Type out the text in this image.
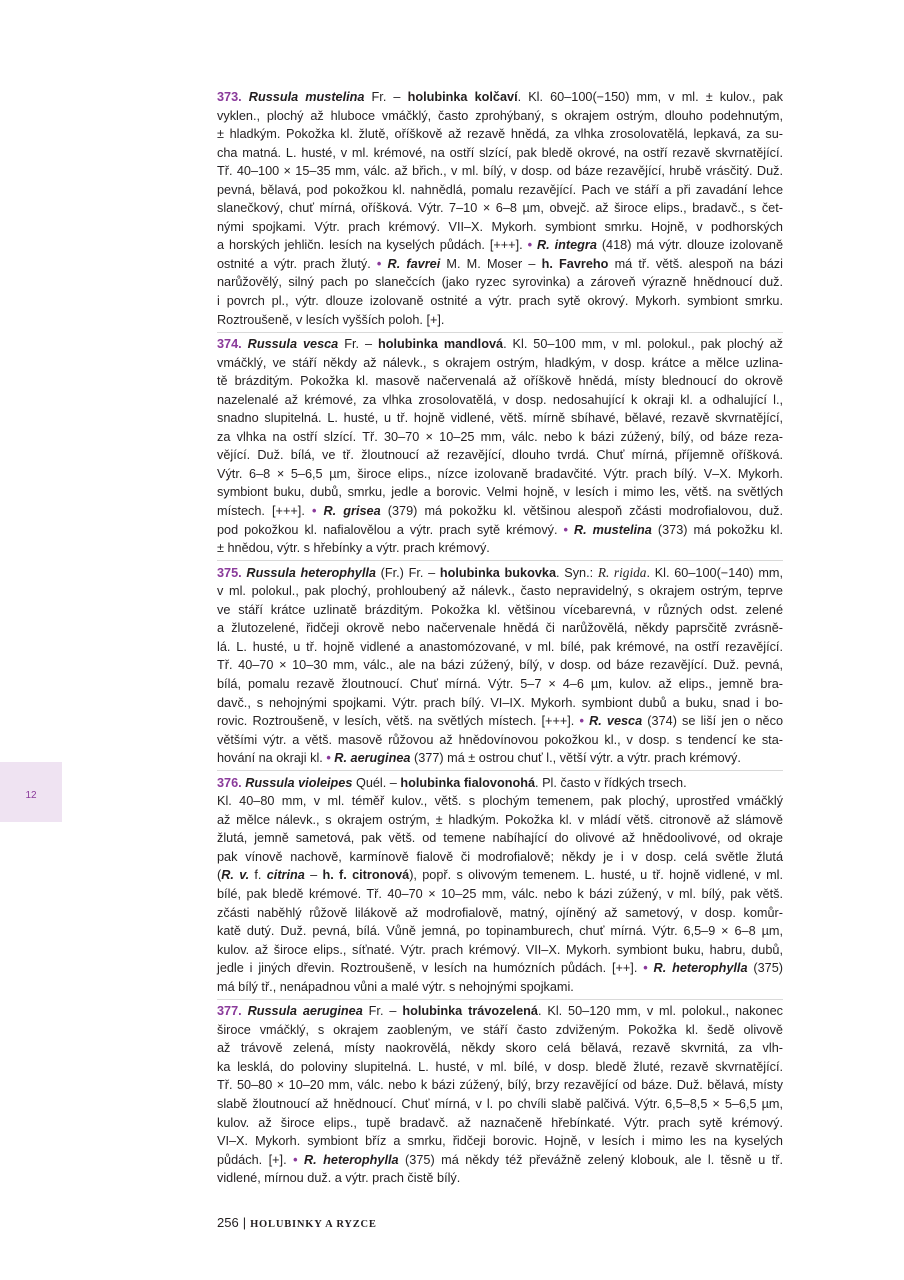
12
373. Russula mustelina Fr. – holubinka kolčaví. Kl. 60–100(−150) mm, v ml. ± kulov., pak
vyklen., plochý až hluboce vmáčklý, často zprohýbaný, s okrajem ostrým, dlouho podehnutým,
± hladkým. Pokožka kl. žlutě, oříškově až rezavě hnědá, za vlhka zrosolovatělá, lepkavá, za su-
cha matná. L. husté, v ml. krémové, na ostří slzící, pak bledě okrové, na ostří rezavě skvrnatějící.
Tř. 40–100 × 15–35 mm, válc. až břich., v ml. bílý, v dosp. od báze rezavějící, hrubě vrásčitý. Duž.
pevná, bělavá, pod pokožkou kl. nahnědlá, pomalu rezavějící. Pach ve stáří a při zavadání lehce
slanečkový, chuť mírná, oříšková. Výtr. 7–10 × 6–8 µm, obvejč. až široce elips., bradavč., s čet-
nými spojkami. Výtr. prach krémový. VII–X. Mykorh. symbiont smrku. Hojně, v podhorských
a horských jehličn. lesích na kyselých půdách. [+++]. • R. integra (418) má výtr. dlouze izolovaně
ostnité a výtr. prach žlutý. • R. favrei M. M. Moser – h. Favreho má tř. větš. alespoň na bázi
narůžovělý, silný pach po slanečcích (jako ryzec syrovinka) a zároveň výrazně hnědnoucí duž.
i povrch pl., výtr. dlouze izolovaně ostnité a výtr. prach sytě okrový. Mykorh. symbiont smrku.
Roztroušeně, v lesích vyšších poloh. [+].
374. Russula vesca Fr. – holubinka mandlová. Kl. 50–100 mm, v ml. polokul., pak plochý až
vmáčklý, ve stáří někdy až nálevk., s okrajem ostrým, hladkým, v dosp. krátce a mělce uzlina-
tě brázditým. Pokožka kl. masově načervenalá až oříškově hnědá, místy blednoucí do okrově
nazelenalé až krémové, za vlhka zrosolovatělá, v dosp. nedosahující k okraji kl. a odhalující l.,
snadno slupitelná. L. husté, u tř. hojně vidlené, větš. mírně sbíhavé, bělavé, rezavě skvrnatějící,
za vlhka na ostří slzící. Tř. 30–70 × 10–25 mm, válc. nebo k bázi zúžený, bílý, od báze reza-
vějící. Duž. bílá, ve tř. žloutnoucí až rezavějící, dlouho tvrdá. Chuť mírná, příjemně oříšková.
Výtr. 6–8 × 5–6,5 µm, široce elips., nízce izolovaně bradavčité. Výtr. prach bílý. V–X. Mykorh.
symbiont buku, dubů, smrku, jedle a borovic. Velmi hojně, v lesích i mimo les, větš. na světlých
místech. [+++]. • R. grisea (379) má pokožku kl. většinou alespoň zčásti modrofialovou, duž.
pod pokožkou kl. nafialovělou a výtr. prach sytě krémový. • R. mustelina (373) má pokožku kl.
± hnědou, výtr. s hřebínky a výtr. prach krémový.
375. Russula heterophylla (Fr.) Fr. – holubinka bukovka. Syn.: R. rigida. Kl. 60–100(−140) mm,
v ml. polokul., pak plochý, prohloubený až nálevk., často nepravidelný, s okrajem ostrým, teprve
ve stáří krátce uzlinatě brázditým. Pokožka kl. většinou vícebarevná, v různých odst. zelené
a žlutozelené, řidčeji okrově nebo načervenale hnědá či narůžovělá, někdy paprsčitě zvrásně-
lá. L. husté, u tř. hojně vidlené a anastomózované, v ml. bílé, pak krémové, na ostří rezavějící.
Tř. 40–70 × 10–30 mm, válc., ale na bázi zúžený, bílý, v dosp. od báze rezavějící. Duž. pevná,
bílá, pomalu rezavě žloutnoucí. Chuť mírná. Výtr. 5–7 × 4–6 µm, kulov. až elips., jemně bra-
davč., s nehojnými spojkami. Výtr. prach bílý. VI–IX. Mykorh. symbiont dubů a buku, snad i bo-
rovic. Roztroušeně, v lesích, větš. na světlých místech. [+++]. • R. vesca (374) se liší jen o něco
většími výtr. a větš. masově růžovou až hnědovínovou pokožkou kl., v dosp. s tendencí ke sta-
hování na okraji kl. • R. aeruginea (377) má ± ostrou chuť l., větší výtr. a výtr. prach krémový.
376. Russula violeipes Quél. – holubinka fialovonohá. Pl. často v řídkých trsech.
Kl. 40–80 mm, v ml. téměř kulov., větš. s plochým temenem, pak plochý, uprostřed vmáčklý
až mělce nálevk., s okrajem ostrým, ± hladkým. Pokožka kl. v mládí větš. citronově až slámově
žlutá, jemně sametová, pak větš. od temene nabíhající do olivové až hnědoolivové, od okraje
pak vínově nachově, karmínově fialově či modrofialově; někdy je i v dosp. celá světle žlutá
(R. v. f. citrina – h. f. citronová), popř. s olivovým temenem. L. husté, u tř. hojně vidlené, v ml.
bílé, pak bledě krémové. Tř. 40–70 × 10–25 mm, válc. nebo k bázi zúžený, v ml. bílý, pak větš.
zčásti naběhlý růžově lilákově až modrofialově, matný, ojíněný až sametový, v dosp. komůr-
katě dutý. Duž. pevná, bílá. Vůně jemná, po topinamburech, chuť mírná. Výtr. 6,5–9 × 6–8 µm,
kulov. až široce elips., síťnaté. Výtr. prach krémový. VII–X. Mykorh. symbiont buku, habru, dubů,
jedle i jiných dřevin. Roztroušeně, v lesích na humózních půdách. [++]. • R. heterophylla (375)
má bílý tř., nenápadnou vůni a malé výtr. s nehojnými spojkami.
377. Russula aeruginea Fr. – holubinka trávozelená. Kl. 50–120 mm, v ml. polokul., nakonec
široce vmáčklý, s okrajem zaobleným, ve stáří často zdviženým. Pokožka kl. šedě olivově
až trávově zelená, místy naokrovělá, někdy skoro celá bělavá, rezavě skvrnitá, za vlh-
ka lesklá, do poloviny slupitelná. L. husté, v ml. bílé, v dosp. bledě žluté, rezavě skvrnatějící.
Tř. 50–80 × 10–20 mm, válc. nebo k bázi zúžený, bílý, brzy rezavějící od báze. Duž. bělavá, místy
slabě žloutnoucí až hnědnoucí. Chuť mírná, v l. po chvíli slabě palčivá. Výtr. 6,5–8,5 × 5–6,5 µm,
kulov. až široce elips., tupě bradavč. až naznačeně hřebínkaté. Výtr. prach sytě krémový.
VI–X. Mykorh. symbiont bříz a smrku, řidčeji borovic. Hojně, v lesích i mimo les na kyselých
půdách. [+]. • R. heterophylla (375) má někdy též převážně zelený klobouk, ale l. těsně u tř.
vidlené, mírnou duž. a výtr. prach čistě bílý.
256 | HOLUBINKY A RYZCE
